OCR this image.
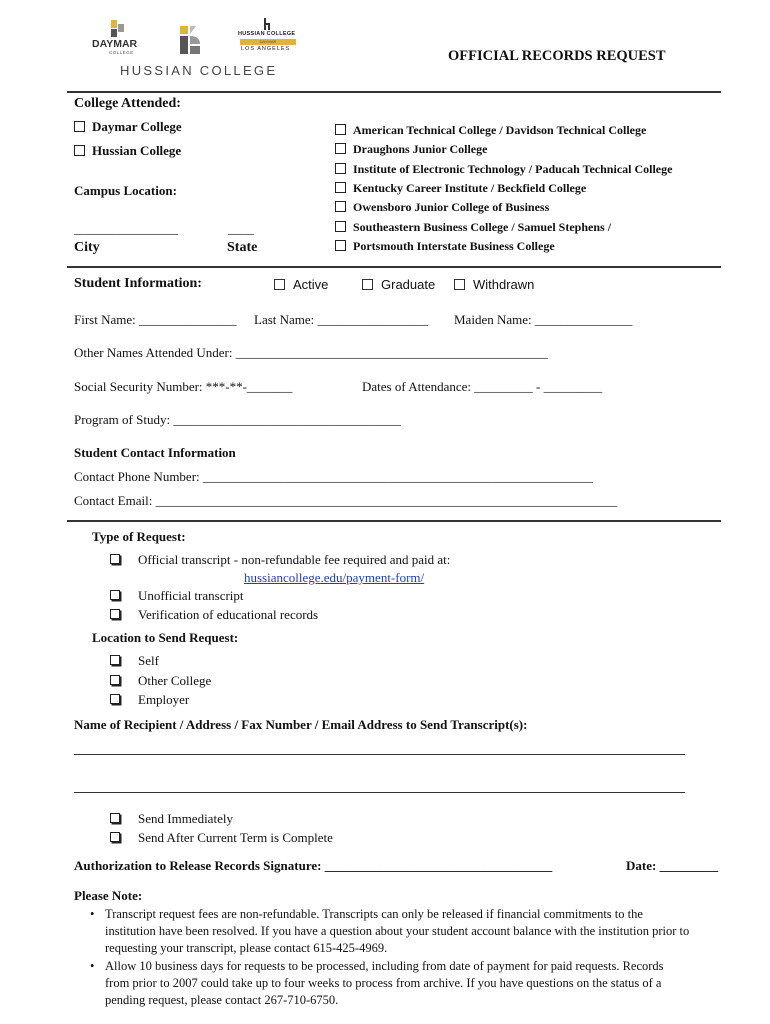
DAYMAR
COLLEGE
HUSSIAN COLLEGE
DAYMAR
LOS ANGELES
HUSSIAN COLLEGE
OFFICIAL RECORDS REQUEST
College Attended:
Daymar College
Hussian College
American Technical College / Davidson Technical College
Draughons Junior College
Institute of Electronic Technology / Paducah Technical College
Kentucky Career Institute / Beckfield College
Owensboro Junior College of Business
Southeastern Business College / Samuel Stephens /
Portsmouth Interstate Business College
Campus Location:
________________	____
City	State
Student Information:	Active	Graduate	Withdrawn
First Name: _______________ Last Name: _________________ Maiden Name: _______________
Other Names Attended Under: ________________________________________________
Social Security Number: ***-**-_______	Dates of Attendance: _________ - _________
Program of Study: ___________________________________
Student Contact Information
Contact Phone Number: ____________________________________________________________
Contact Email: _______________________________________________________________________
Type of Request:
Official transcript - non-refundable fee required and paid at:
hussiancollege.edu/payment-form/
Unofficial transcript
Verification of educational records
Location to Send Request:
Self
Other College
Employer
Name of Recipient / Address / Fax Number / Email Address to Send Transcript(s):
Send Immediately
Send After Current Term is Complete
Authorization to Release Records Signature: ___________________________________	Date: _________
Please Note:
• Transcript request fees are non-refundable. Transcripts can only be released if financial commitments to the institution have been resolved. If you have a question about your student account balance with the institution prior to requesting your transcript, please contact 615-425-4969.
• Allow 10 business days for requests to be processed, including from date of payment for paid requests. Records from prior to 2007 could take up to four weeks to process from archive. If you have questions on the status of a pending request, please contact 267-710-6750.
